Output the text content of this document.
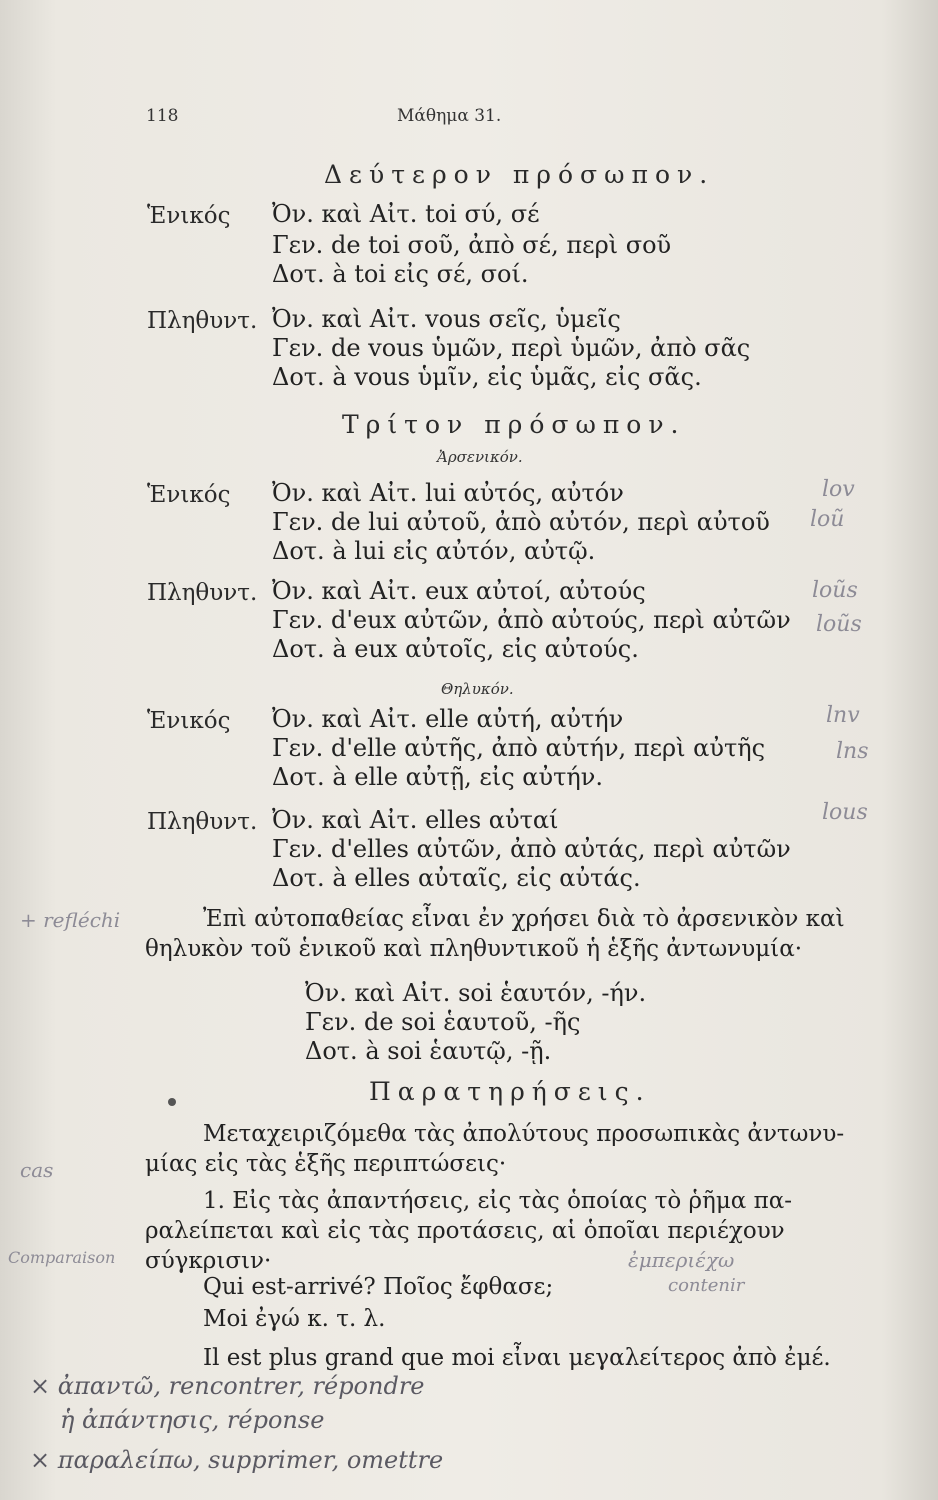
118	Μάθημα 31.
Δεύτερον πρόσωπον.
Ἑνικός Ὀν. καὶ Αἰτ. toi σύ, σέ
Γεν. de toi σοῦ, ἀπὸ σέ, περὶ σοῦ
Δοτ. à toi εἰς σέ, σοί.
Πληθυντ. Ὀν. καὶ Αἰτ. vous σεῖς, ὑμεῖς
Γεν. de vous ὑμῶν, περὶ ὑμῶν, ἀπὸ σᾶς
Δοτ. à vous ὑμῖν, εἰς ὑμᾶς, εἰς σᾶς.
Τρίτον πρόσωπον.
Ἀρσενικόν.
Ἑνικός Ὀν. καὶ Αἰτ. lui αὐτός, αὐτόν
Γεν. de lui αὐτοῦ, ἀπὸ αὐτόν, περὶ αὐτοῦ
Δοτ. à lui εἰς αὐτόν, αὐτῷ.
Πληθυντ. Ὀν. καὶ Αἰτ. eux αὐτοί, αὐτούς
Γεν. d'eux αὐτῶν, ἀπὸ αὐτούς, περὶ αὐτῶν
Δοτ. à eux αὐτοῖς, εἰς αὐτούς.
Θηλυκόν.
Ἑνικός Ὀν. καὶ Αἰτ. elle αὐτή, αὐτήν
Γεν. d'elle αὐτῆς, ἀπὸ αὐτήν, περὶ αὐτῆς
Δοτ. à elle αὐτῇ, εἰς αὐτήν.
Πληθυντ. Ὀν. καὶ Αἰτ. elles αὐταί
Γεν. d'elles αὐτῶν, ἀπὸ αὐτάς, περὶ αὐτῶν
Δοτ. à elles αὐταῖς, εἰς αὐτάς.
Ἐπὶ αὐτοπαθείας εἶναι ἐν χρήσει διὰ τὸ ἀρσενικὸν καὶ
θηλυκὸν τοῦ ἑνικοῦ καὶ πληθυντικοῦ ἡ ἑξῆς ἀντωνυμία·
Ὀν. καὶ Αἰτ. soi ἑαυτόν, -ήν.
Γεν. de soi ἑαυτοῦ, -ῆς
Δοτ. à soi ἑαυτῷ, -ῇ.
Παρατηρήσεις.
Μεταχειριζόμεθα τὰς ἀπολύτους προσωπικὰς ἀντωνυ-
μίας εἰς τὰς ἑξῆς περιπτώσεις·
1. Εἰς τὰς ἀπαντήσεις, εἰς τὰς ὁποίας τὸ ῥῆμα πα-
ραλείπεται καὶ εἰς τὰς προτάσεις, αἱ ὁποῖαι περιέχουν
σύγκρισιν·
Qui est-arrivé? Ποῖος ἔφθασε;
Moi ἐγώ κ. τ. λ.
Il est plus grand que moi εἶναι μεγαλείτερος ἀπὸ ἐμέ.
lov
loũ
loũs
loũs
lnv
lns
lous
+ refléchi
cas
Comparaison	ἐμπεριέχω
contenir
× ἀπαντῶ, rencontrer, répondre
ἡ ἀπάντησις, réponse
× παραλείπω, supprimer, omettre
